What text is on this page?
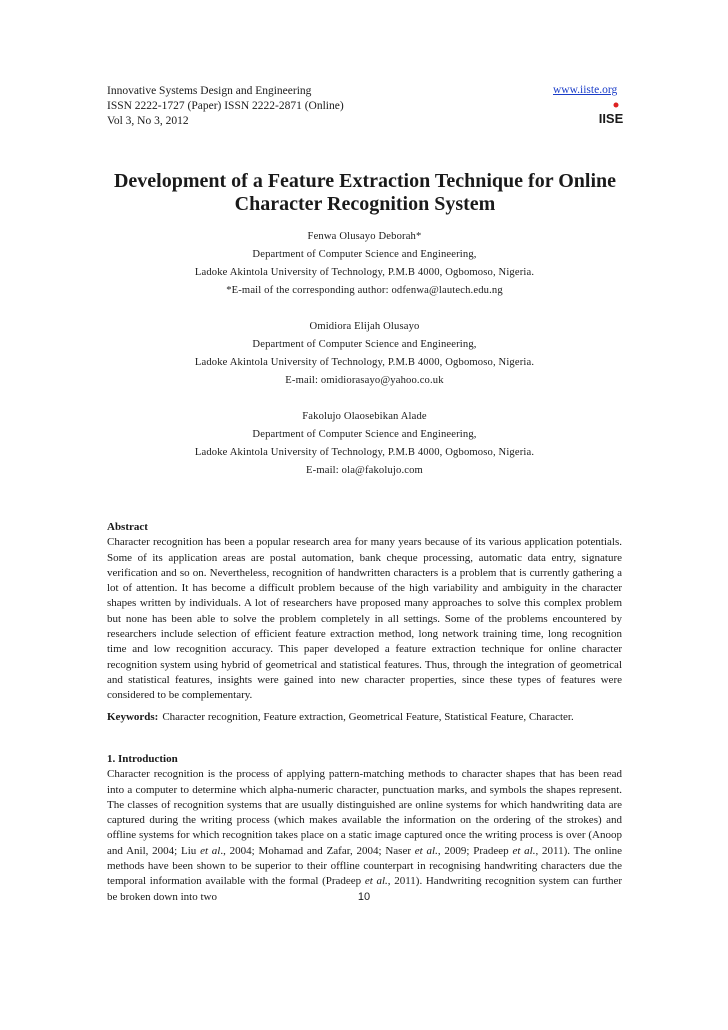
Innovative Systems Design and Engineering
ISSN 2222-1727 (Paper) ISSN 2222-2871 (Online)
Vol 3, No 3, 2012
www.iiste.org
IISE
Development of a Feature Extraction Technique for Online Character Recognition System
Fenwa Olusayo Deborah*
Department of Computer Science and Engineering,
Ladoke Akintola University of Technology, P.M.B 4000, Ogbomoso, Nigeria.
*E-mail of the corresponding author: odfenwa@lautech.edu.ng
Omidiora Elijah Olusayo
Department of Computer Science and Engineering,
Ladoke Akintola University of Technology, P.M.B 4000, Ogbomoso, Nigeria.
E-mail: omidiorasayo@yahoo.co.uk
Fakolujo Olaosebikan Alade
Department of Computer Science and Engineering,
Ladoke Akintola University of Technology, P.M.B 4000, Ogbomoso, Nigeria.
E-mail: ola@fakolujo.com
Abstract

Character recognition has been a popular research area for many years because of its various application potentials. Some of its application areas are postal automation, bank cheque processing, automatic data entry, signature verification and so on. Nevertheless, recognition of handwritten characters is a problem that is currently gathering a lot of attention. It has become a difficult problem because of the high variability and ambiguity in the character shapes written by individuals. A lot of researchers have proposed many approaches to solve this complex problem but none has been able to solve the problem completely in all settings. Some of the problems encountered by researchers include selection of efficient feature extraction method, long network training time, long recognition time and low recognition accuracy. This paper developed a feature extraction technique for online character recognition system using hybrid of geometrical and statistical features. Thus, through the integration of geometrical and statistical features, insights were gained into new character properties, since these types of features were considered to be complementary.

Keywords: Character recognition, Feature extraction, Geometrical Feature, Statistical Feature, Character.
1. Introduction

Character recognition is the process of applying pattern-matching methods to character shapes that has been read into a computer to determine which alpha-numeric character, punctuation marks, and symbols the shapes represent. The classes of recognition systems that are usually distinguished are online systems for which handwriting data are captured during the writing process (which makes available the information on the ordering of the strokes) and offline systems for which recognition takes place on a static image captured once the writing process is over (Anoop and Anil, 2004; Liu et al., 2004; Mohamad and Zafar, 2004; Naser et al., 2009; Pradeep et al., 2011). The online methods have been shown to be superior to their offline counterpart in recognising handwriting characters due the temporal information available with the formal (Pradeep et al., 2011). Handwriting recognition system can further be broken down into two	10
